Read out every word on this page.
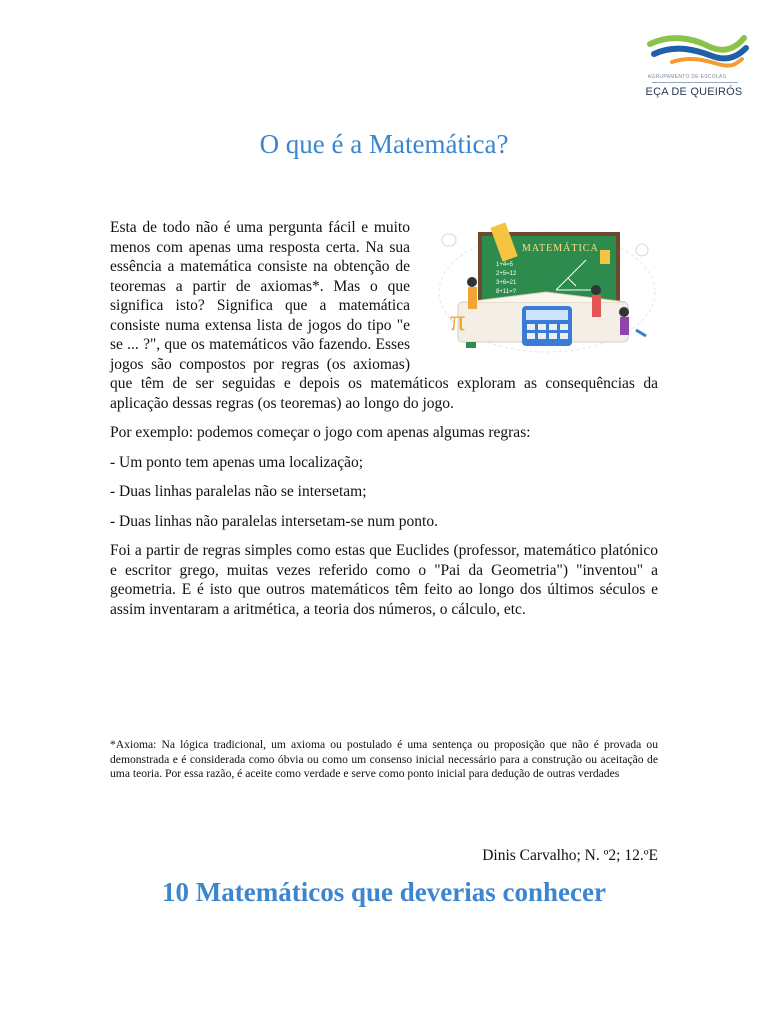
AGRUPAMENTO DE ESCOLAS
EÇA DE QUEIRÓS
O que é a Matemática?
MATEMÁTICA
1+4=5
2+5=12
3+6=21
8+11=?
π

Esta de todo não é uma pergunta fácil e muito menos com apenas uma resposta certa. Na sua essência a matemática consiste na obtenção de teoremas a partir de axiomas*. Mas o que significa isto? Significa que a matemática consiste numa extensa lista de jogos do tipo "e se ... ?", que os matemáticos vão fazendo. Esses jogos são compostos por regras (os axiomas) que têm de ser seguidas e depois os matemáticos exploram as consequências da aplicação dessas regras (os teoremas) ao longo do jogo.

Por exemplo: podemos começar o jogo com apenas algumas regras:

- Um ponto tem apenas uma localização;

- Duas linhas paralelas não se intersetam;

- Duas linhas não paralelas intersetam-se num ponto.

Foi a partir de regras simples como estas que Euclides (professor, matemático platónico e escritor grego, muitas vezes referido como o "Pai da Geometria") "inventou" a geometria. E é isto que outros matemáticos têm feito ao longo dos últimos séculos e assim inventaram a aritmética, a teoria dos números, o cálculo, etc.

*Axioma: Na lógica tradicional, um axioma ou postulado é uma sentença ou proposição que não é provada ou demonstrada e é considerada como óbvia ou como um consenso inicial necessário para a construção ou aceitação de uma teoria. Por essa razão, é aceite como verdade e serve como ponto inicial para dedução de outras verdades
Dinis Carvalho; N. º2; 12.ºE
10 Matemáticos que deverias conhecer
